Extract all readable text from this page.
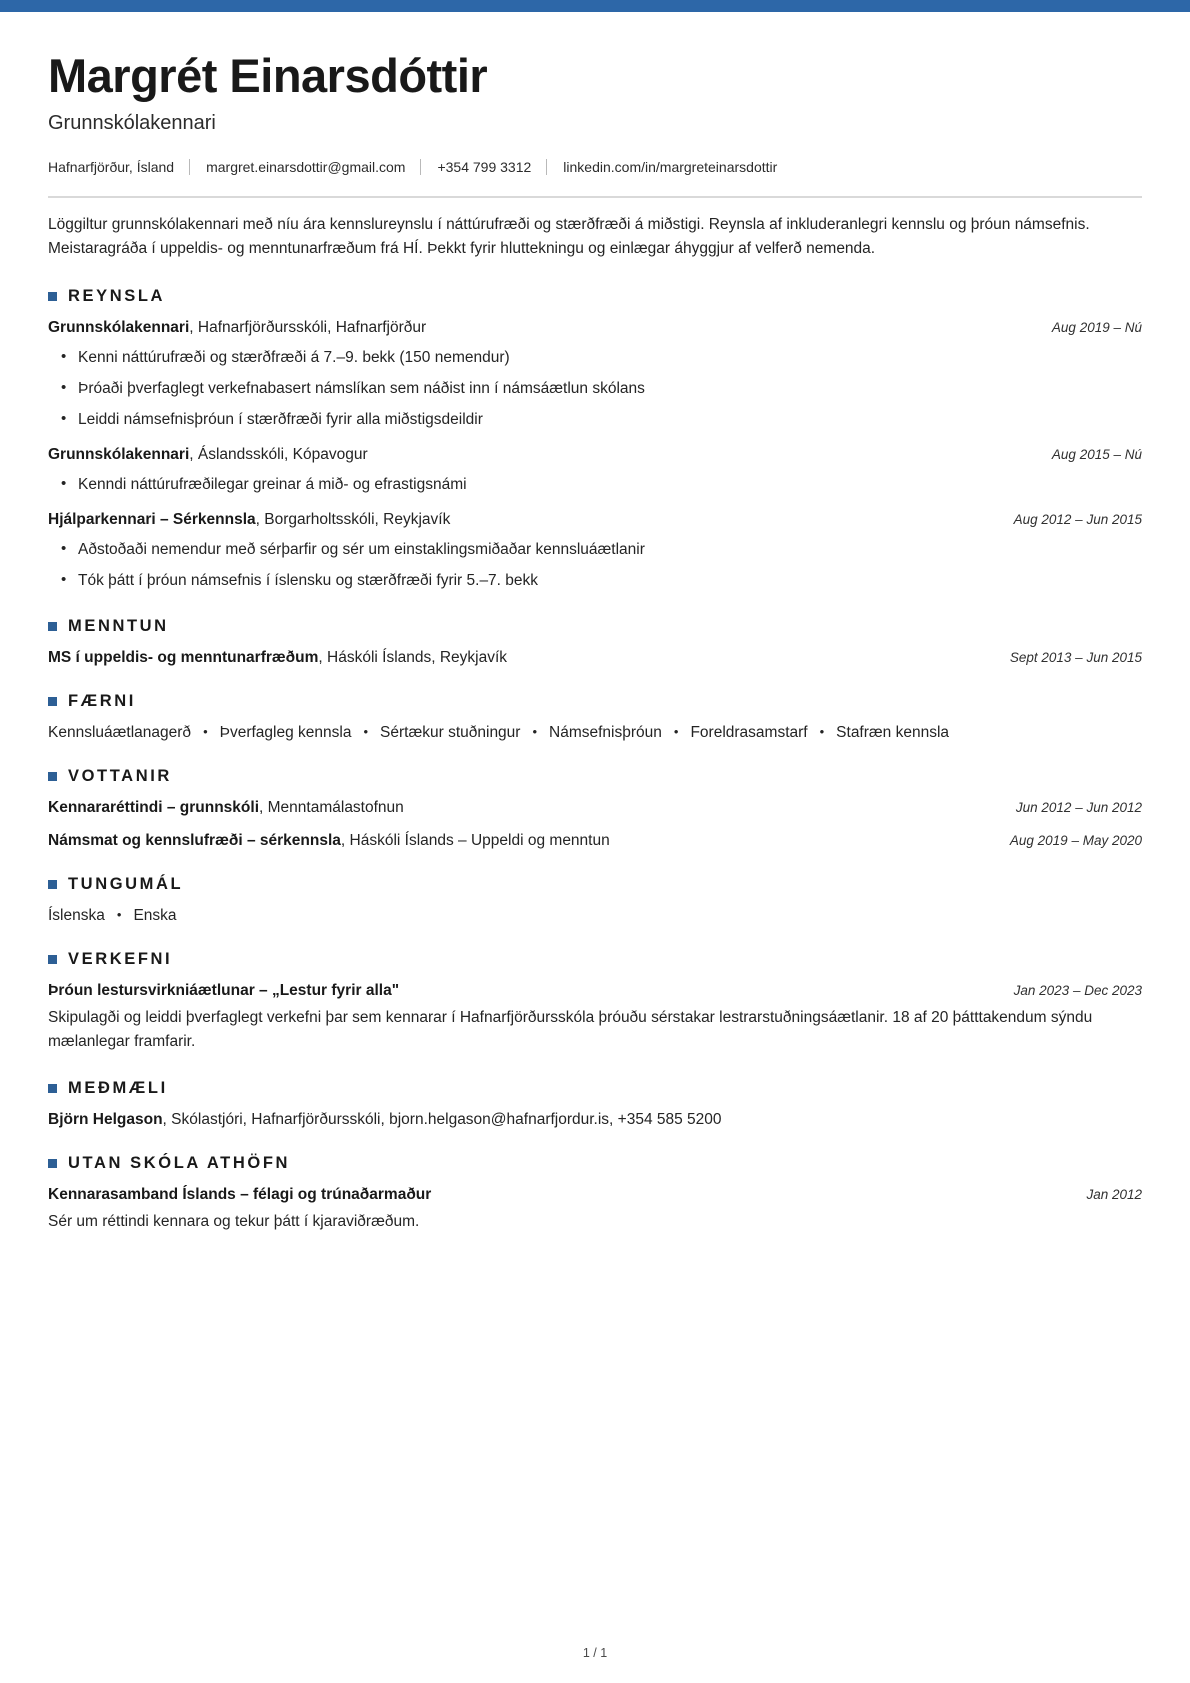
Margrét Einarsdóttir
Grunnskólakennari
Hafnarfjörður, Ísland	margret.einarsdottir@gmail.com	+354 799 3312	linkedin.com/in/margreteinarsdottir

Löggiltur grunnskólakennari með níu ára kennslureynslu í náttúrufræði og stærðfræði á miðstigi. Reynsla af inkluderanlegri kennslu og þróun námsefnis. Meistaragráða í uppeldis- og menntunarfræðum frá HÍ. Þekkt fyrir hluttekningu og einlægar áhyggjur af velferð nemenda.

REYNSLA
Grunnskólakennari , Hafnarfjörðursskóli, Hafnarfjörður	Aug 2019 – Nú
• Kenni náttúrufræði og stærðfræði á 7.–9. bekk (150 nemendur)
• Þróaði þverfaglegt verkefnabasert námslíkan sem náðist inn í námsáætlun skólans
• Leiddi námsefnisþróun í stærðfræði fyrir alla miðstigsdeildir
Grunnskólakennari , Áslandsskóli, Kópavogur	Aug 2015 – Nú
• Kenndi náttúrufræðilegar greinar á mið- og efrastigsnámi
Hjálparkennari – Sérkennsla , Borgarholtsskóli, Reykjavík	Aug 2012 – Jun 2015
• Aðstoðaði nemendur með sérþarfir og sér um einstaklingsmiðaðar kennsluáætlanir
• Tók þátt í þróun námsefnis í íslensku og stærðfræði fyrir 5.–7. bekk
MENNTUN
MS í uppeldis- og menntunarfræðum , Háskóli Íslands, Reykjavík	Sept 2013 – Jun 2015
FÆRNI
Kennsluáætlanagerð • Þverfagleg kennsla • Sértækur stuðningur • Námsefnisþróun • Foreldrasamstarf • Stafræn kennsla
VOTTANIR
Kennararéttindi – grunnskóli , Menntamálastofnun	Jun 2012 – Jun 2012
Námsmat og kennslufræði – sérkennsla , Háskóli Íslands – Uppeldi og menntun	Aug 2019 – May 2020
TUNGUMÁL
Íslenska • Enska
VERKEFNI
Þróun lestursvirkniáætlunar – „Lestur fyrir alla"	Jan 2023 – Dec 2023

Skipulagði og leiddi þverfaglegt verkefni þar sem kennarar í Hafnarfjörðursskóla þróuðu sérstakar lestrarstuðningsáætlanir. 18 af 20 þátttakendum sýndu mælanlegar framfarir.

MEÐMÆLI
Björn Helgason , Skólastjóri, Hafnarfjörðursskóli, bjorn.helgason@hafnarfjordur.is, +354 585 5200
UTAN SKÓLA ATHÖFN
Kennarasamband Íslands – félagi og trúnaðarmaður	Jan 2012

Sér um réttindi kennara og tekur þátt í kjaraviðræðum.

1 / 1
